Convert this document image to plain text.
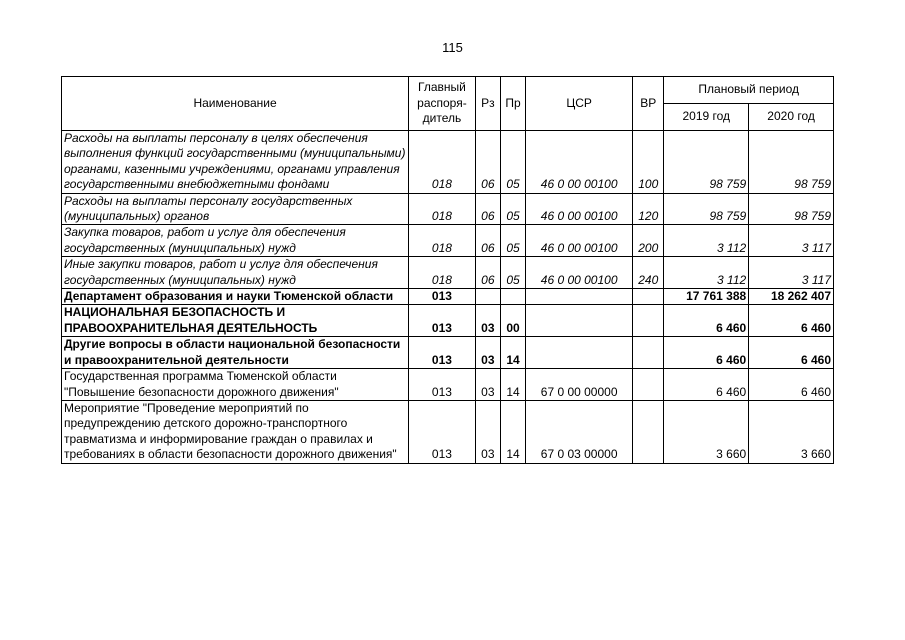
115
Наименование	Главный
распоря-
дитель	Рз	Пр	ЦСР	ВР	Плановый период	
						2019 год	2020 год
Расходы на выплаты персоналу в целях обеспечения выполнения функций государственными (муниципальными) органами, казенными учреждениями, органами управления государственными внебюджетными фондами	018	06	05	46 0 00 00100	100	98 759	98 759
Расходы на выплаты персоналу государственных (муниципальных) органов	018	06	05	46 0 00 00100	120	98 759	98 759
Закупка товаров, работ и услуг для обеспечения государственных (муниципальных) нужд	018	06	05	46 0 00 00100	200	3 112	3 117
Иные закупки товаров, работ и услуг для обеспечения государственных (муниципальных) нужд	018	06	05	46 0 00 00100	240	3 112	3 117
Департамент образования и науки Тюменской области	013					17 761 388	18 262 407
НАЦИОНАЛЬНАЯ БЕЗОПАСНОСТЬ И ПРАВООХРАНИТЕЛЬНАЯ ДЕЯТЕЛЬНОСТЬ	013	03	00			6 460	6 460
Другие вопросы в области национальной безопасности и правоохранительной деятельности	013	03	14			6 460	6 460
Государственная программа Тюменской области "Повышение безопасности дорожного движения"	013	03	14	67 0 00 00000		6 460	6 460
Мероприятие "Проведение мероприятий по предупреждению детского дорожно-транспортного травматизма и информирование граждан о правилах и требованиях в области безопасности дорожного движения"	013	03	14	67 0 03 00000		3 660	3 660
